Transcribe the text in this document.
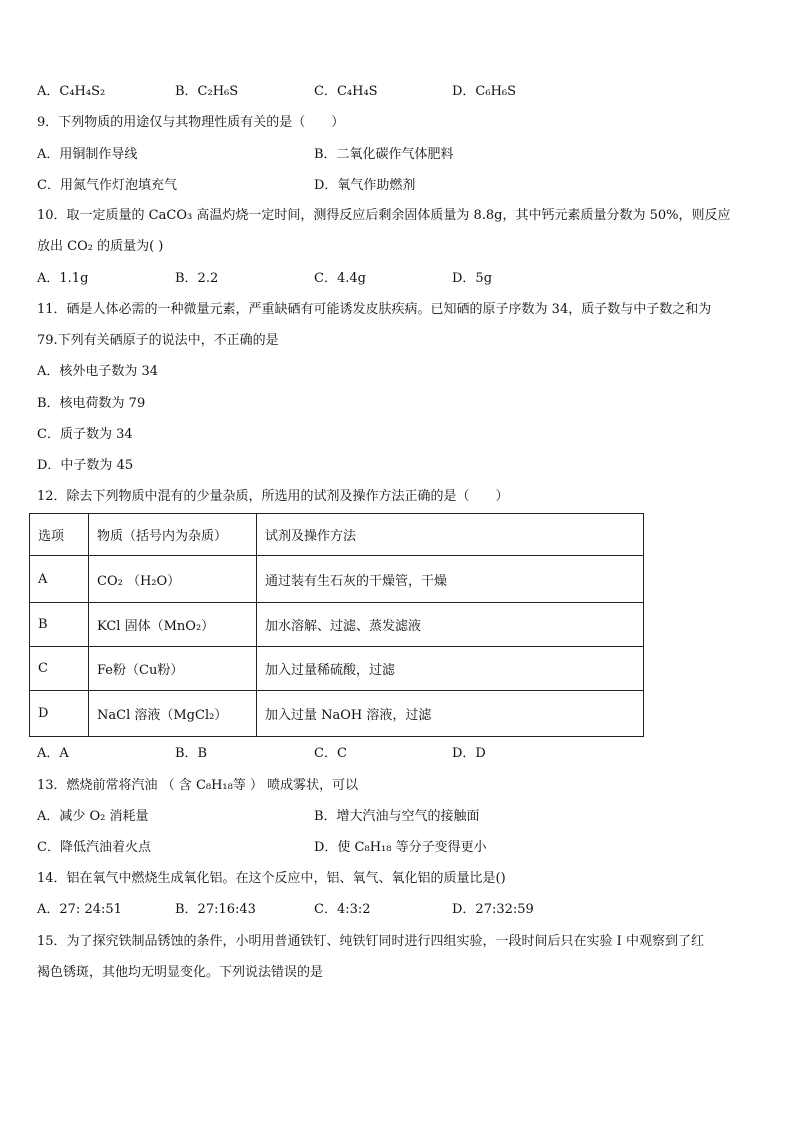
A．C₄H₄S₂	B．C₂H₆S	C．C₄H₄S	D．C₆H₆S
9．下列物质的用途仅与其物理性质有关的是（　　）
A．用铜制作导线	B．二氧化碳作气体肥料
C．用氮气作灯泡填充气	D．氧气作助燃剂
10．取一定质量的 CaCO₃ 高温灼烧一定时间，测得反应后剩余固体质量为 8.8g，其中钙元素质量分数为 50%，则反应
放出 CO₂ 的质量为( )
A．1.1g	B．2.2	C．4.4g	D．5g
11．硒是人体必需的一种微量元素，严重缺硒有可能诱发皮肤疾病。已知硒的原子序数为 34，质子数与中子数之和为
79.下列有关硒原子的说法中，不正确的是
A．核外电子数为 34
B．核电荷数为 79
C．质子数为 34
D．中子数为 45
12．除去下列物质中混有的少量杂质，所选用的试剂及操作方法正确的是（　　）
选项	物质（括号内为杂质）	试剂及操作方法
A	CO₂ （H₂O）	通过装有生石灰的干燥管，干燥
B	KCl 固体（MnO₂）	加水溶解、过滤、蒸发滤液
C	Fe粉（Cu粉）	加入过量稀硫酸，过滤
D	NaCl 溶液（MgCl₂）	加入过量 NaOH 溶液，过滤
A．A	B．B	C．C	D．D
13．燃烧前常将汽油 （ 含 C₈H₁₈等 ） 喷成雾状，可以
A．减少 O₂ 消耗量	B．增大汽油与空气的接触面
C．降低汽油着火点	D．使 C₈H₁₈ 等分子变得更小
14．铝在氧气中燃烧生成氧化铝。在这个反应中，铝、氧气、氧化铝的质量比是()
A．27: 24:51	B．27:16:43	C．4:3:2	D．27:32:59
15．为了探究铁制品锈蚀的条件，小明用普通铁钉、纯铁钉同时进行四组实验，一段时间后只在实验 I 中观察到了红
褐色锈斑，其他均无明显变化。下列说法错误的是
